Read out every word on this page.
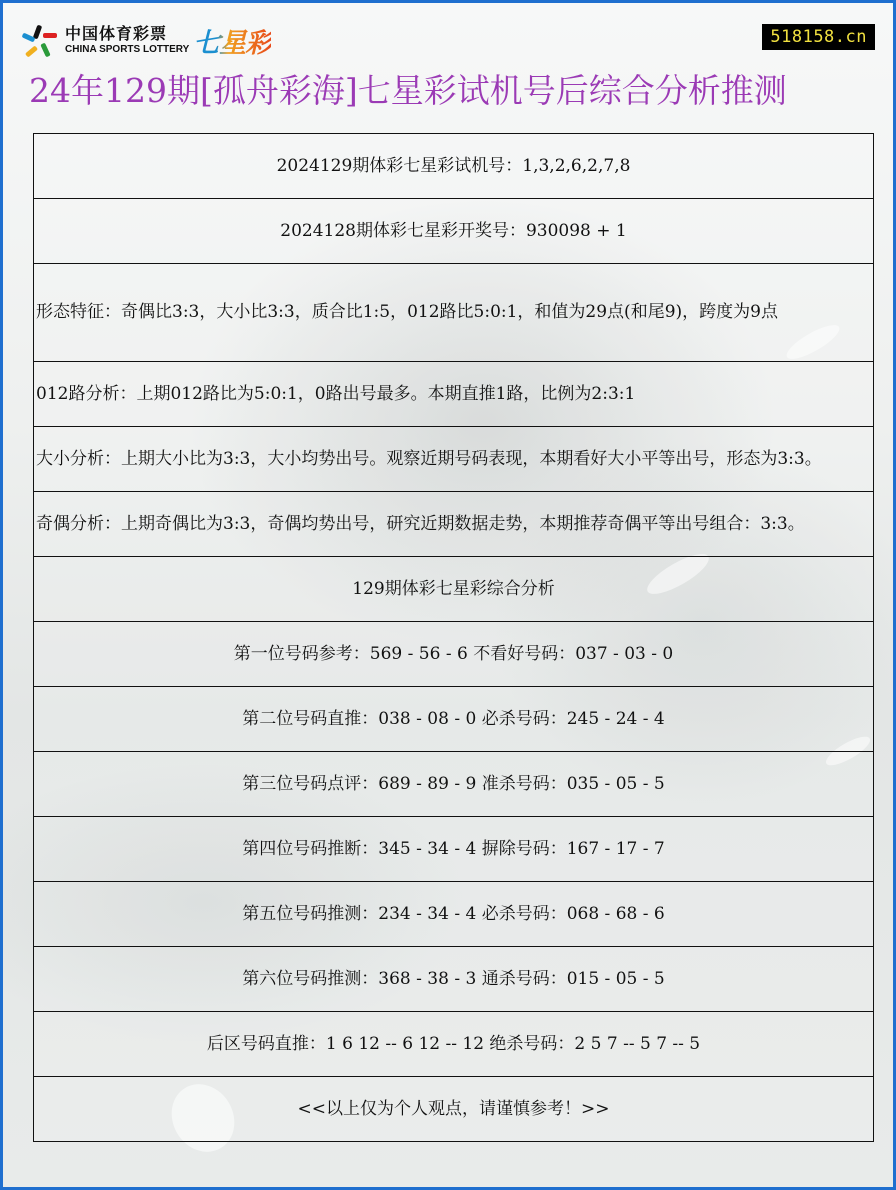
中国体育彩票
CHINA SPORTS LOTTERY 七星彩	518158.cn
24年129期[孤舟彩海]七星彩试机号后综合分析推测
2024129期体彩七星彩试机号：1,3,2,6,2,7,8
2024128期体彩七星彩开奖号：930098 + 1
形态特征：奇偶比3:3，大小比3:3，质合比1:5，012路比5:0:1，和值为29点(和尾9)，跨度为9点
012路分析：上期012路比为5:0:1，0路出号最多。本期直推1路，比例为2:3:1
大小分析：上期大小比为3:3，大小均势出号。观察近期号码表现，本期看好大小平等出号，形态为3:3。
奇偶分析：上期奇偶比为3:3，奇偶均势出号，研究近期数据走势，本期推荐奇偶平等出号组合：3:3。
129期体彩七星彩综合分析
第一位号码参考：569 - 56 - 6 不看好号码：037 - 03 - 0
第二位号码直推：038 - 08 - 0 必杀号码：245 - 24 - 4
第三位号码点评：689 - 89 - 9 准杀号码：035 - 05 - 5
第四位号码推断：345 - 34 - 4 摒除号码：167 - 17 - 7
第五位号码推测：234 - 34 - 4 必杀号码：068 - 68 - 6
第六位号码推测：368 - 38 - 3 通杀号码：015 - 05 - 5
后区号码直推：1 6 12 -- 6 12 -- 12 绝杀号码：2 5 7 -- 5 7 -- 5
<<以上仅为个人观点，请谨慎参考！>>
